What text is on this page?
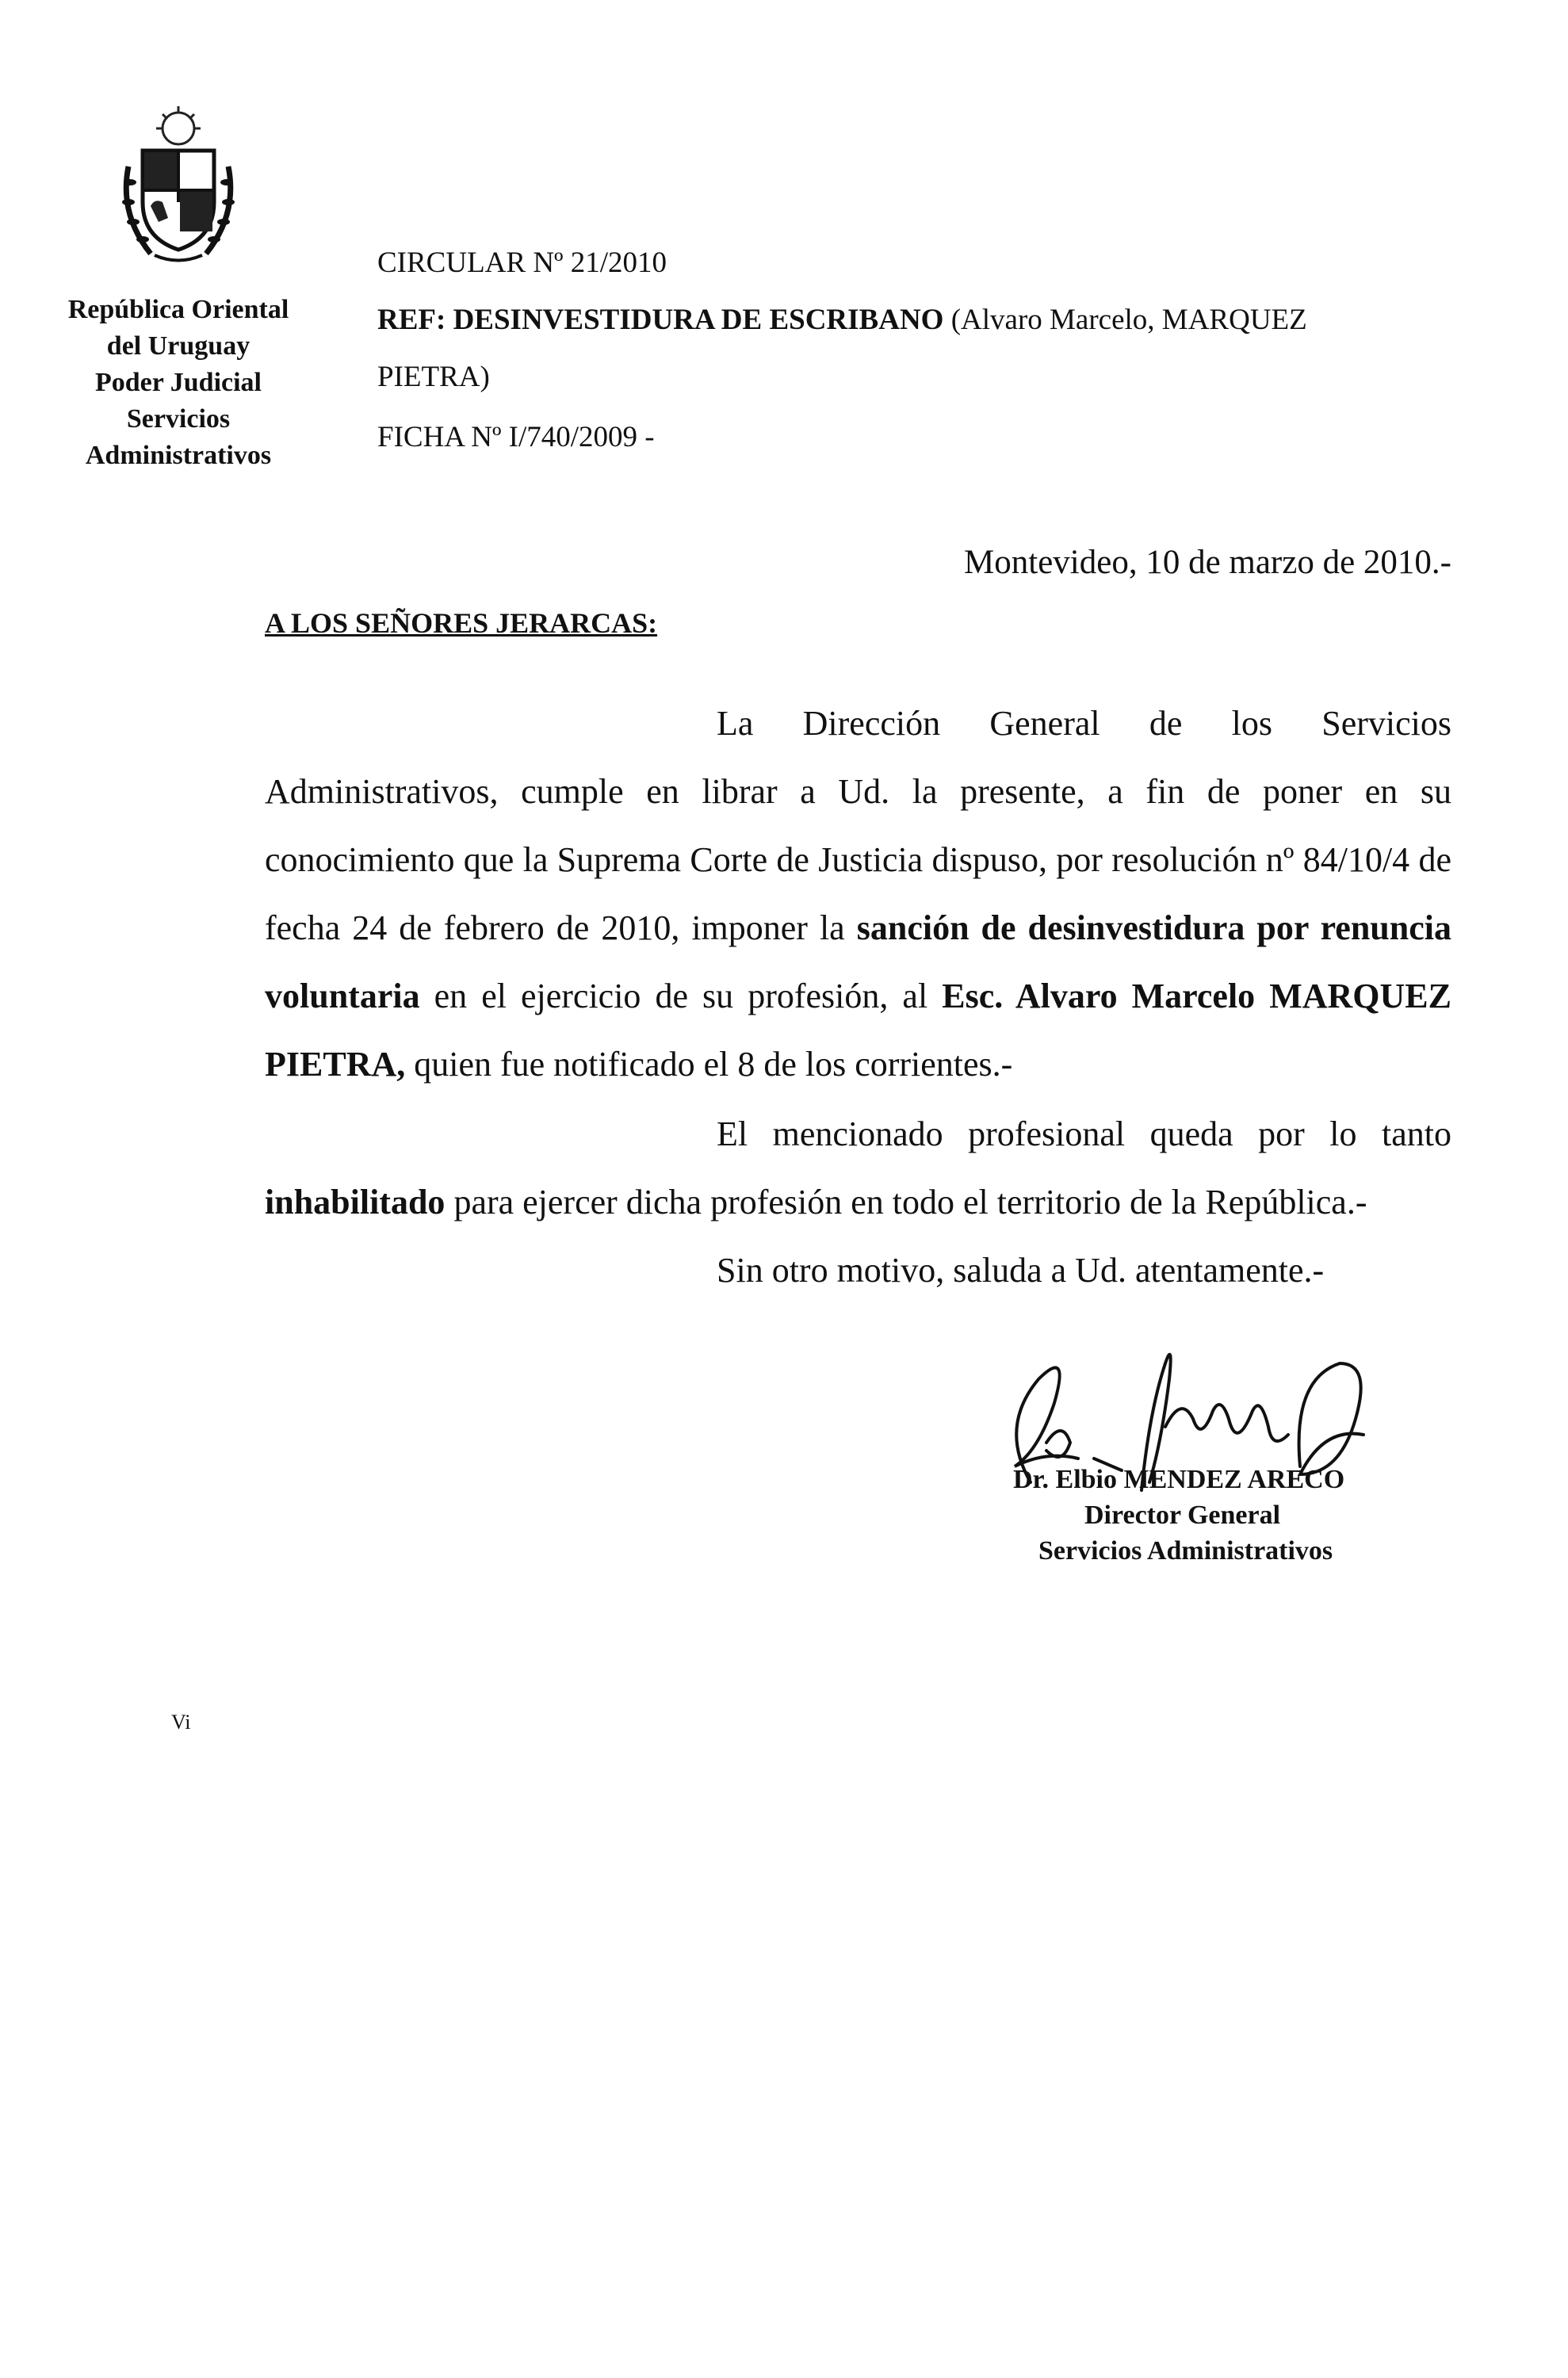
República Oriental
del Uruguay
Poder Judicial
Servicios
Administrativos
CIRCULAR Nº 21/2010
REF: DESINVESTIDURA DE ESCRIBANO (Alvaro Marcelo, MARQUEZ
PIETRA)
FICHA Nº I/740/2009 -
Montevideo, 10 de marzo de 2010.-
A LOS SEÑORES JERARCAS:
La Dirección General de los Servicios Administrativos, cumple en librar a Ud. la presente, a fin de poner en su conocimiento que la Suprema Corte de Justicia dispuso, por resolución nº 84/10/4 de fecha 24 de febrero de 2010, imponer la sanción de desinvestidura por renuncia voluntaria en el ejercicio de su profesión, al Esc. Alvaro Marcelo MARQUEZ PIETRA, quien fue notificado el 8 de los corrientes.-
El mencionado profesional queda por lo tanto inhabilitado para ejercer dicha profesión en todo el territorio de la República.-
Sin otro motivo, saluda a Ud. atentamente.-
Dr. Elbio MENDEZ ARECO
Director General
Servicios Administrativos
Vi
